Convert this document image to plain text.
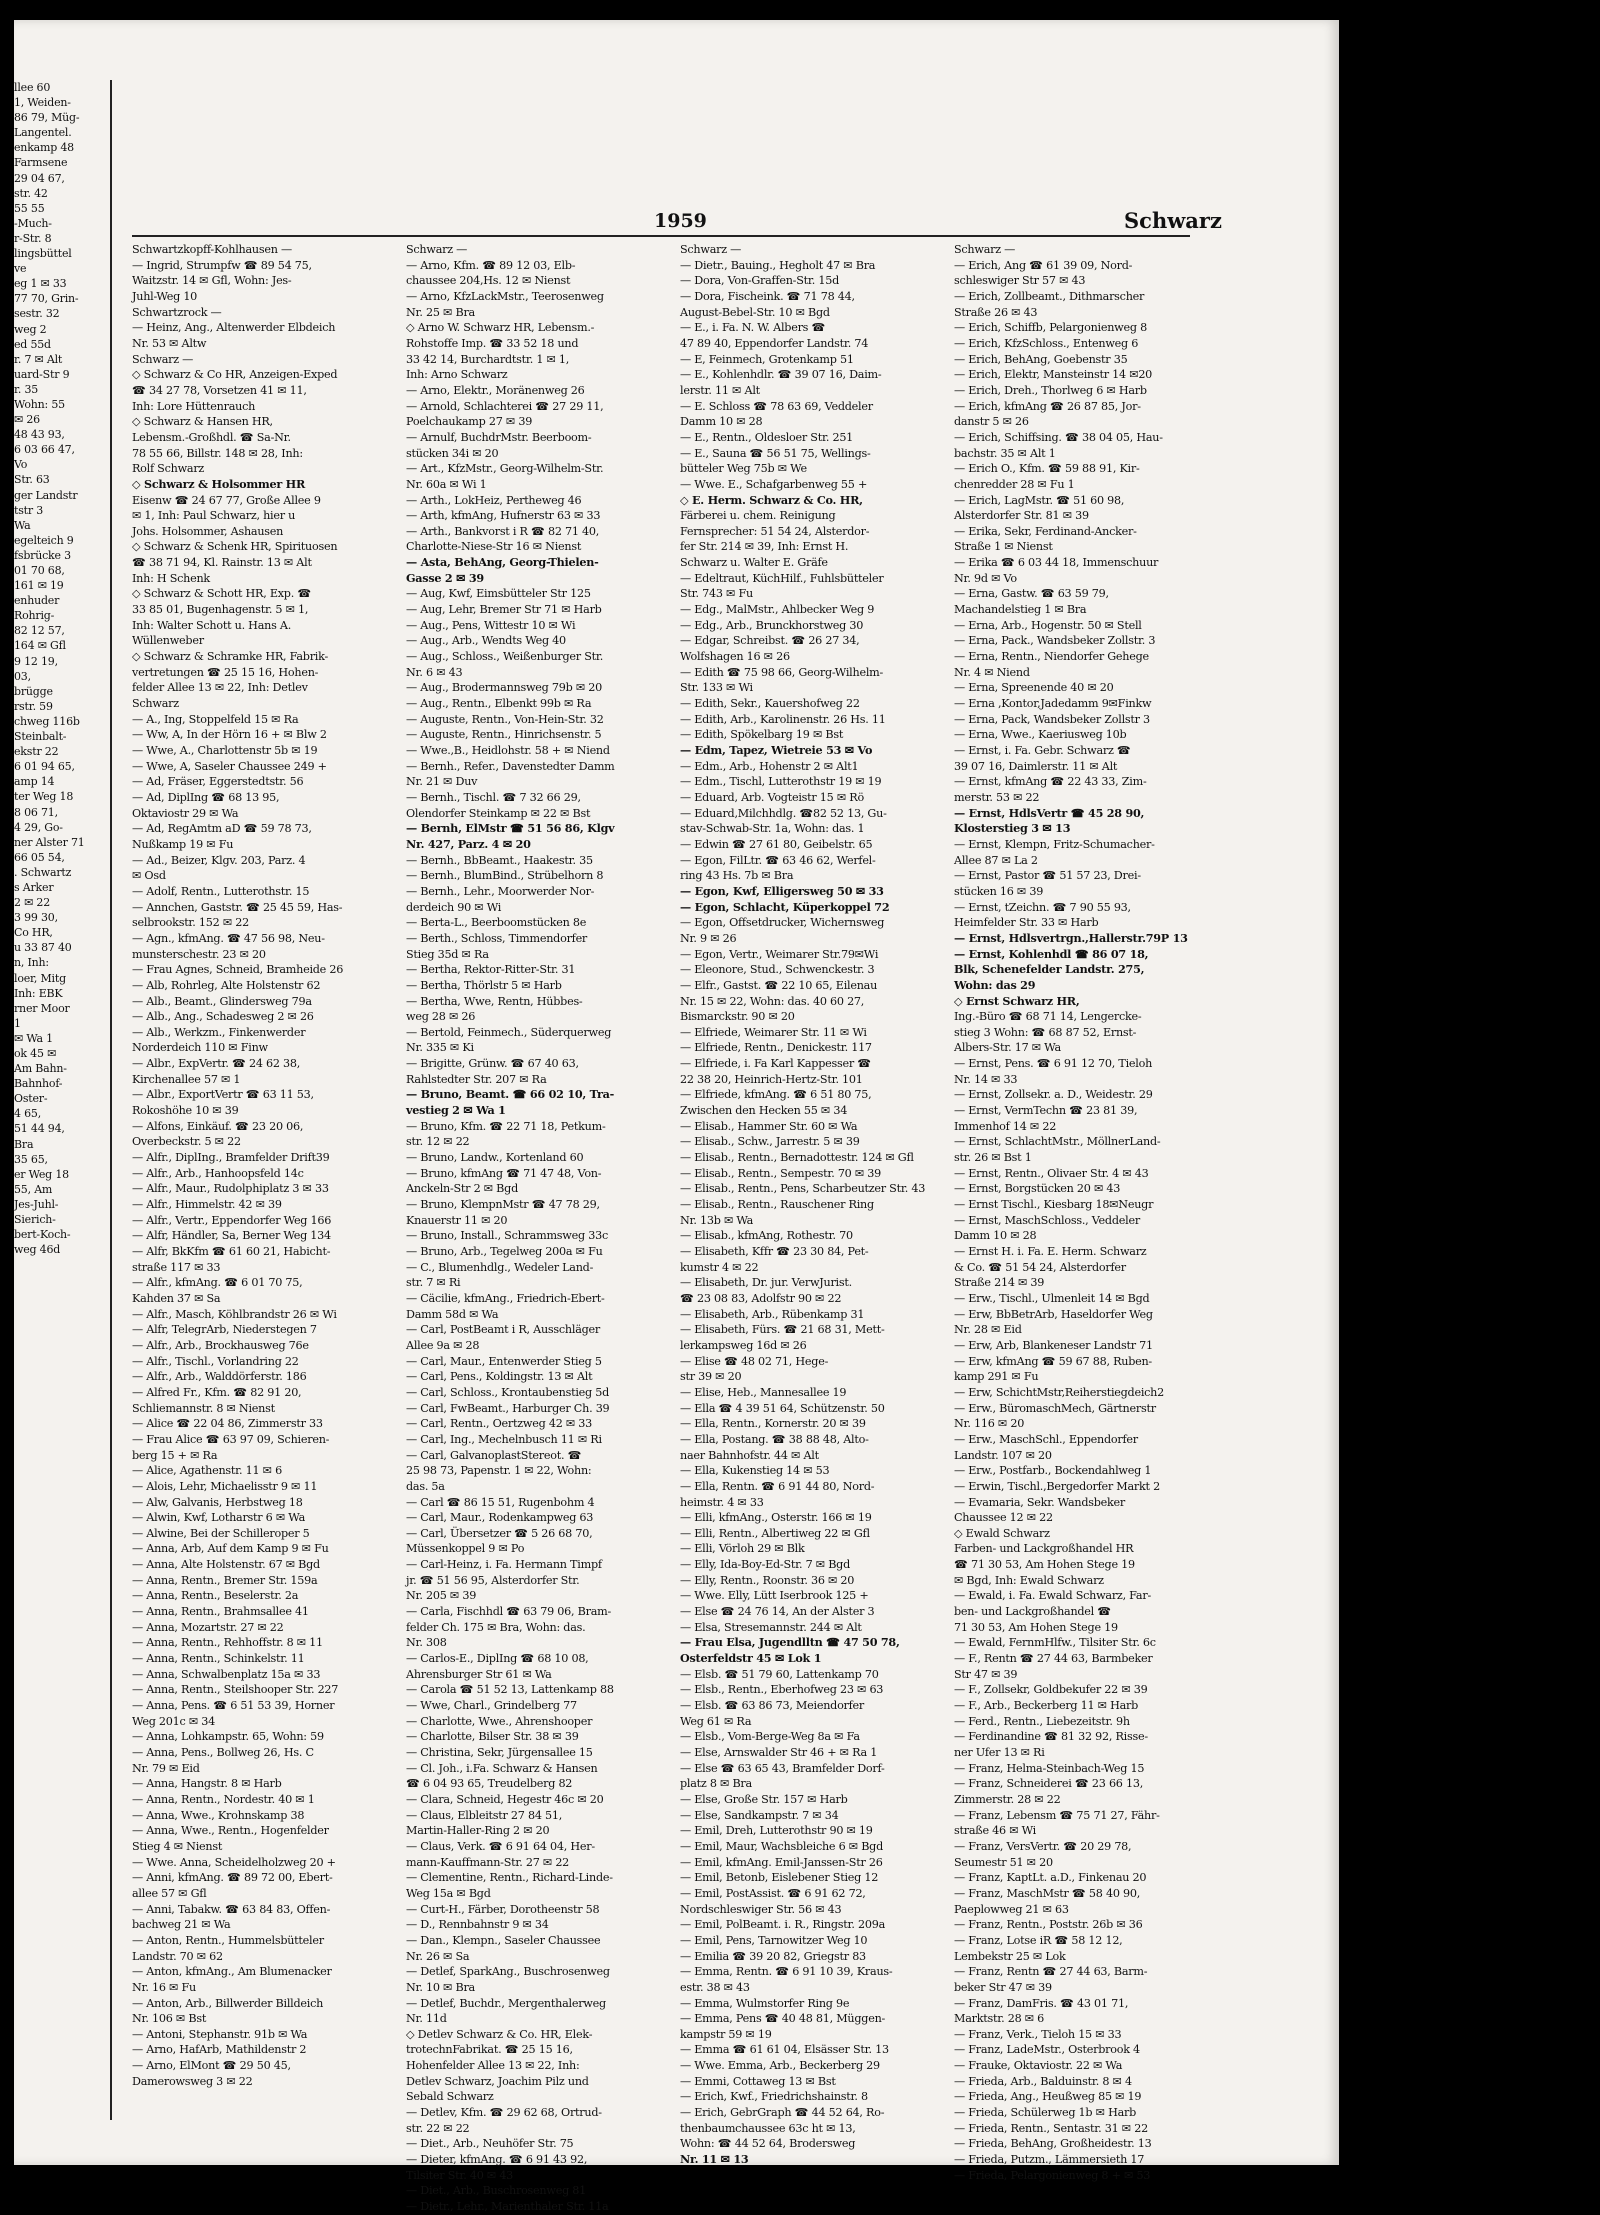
llee 60
1, Weiden-
86 79, Müg-
Langentel.
enkamp 48
Farmsene
29 04 67,
str. 42
55 55
-Much-
r-Str. 8
lingsbüttel
ve
eg 1 ✉ 33
77 70, Grin-
sestr. 32
weg 2
ed 55d
r. 7 ✉ Alt
uard-Str 9
r. 35
Wohn: 55
✉ 26
48 43 93,
6 03 66 47,
Vo
Str. 63
ger Landstr
tstr 3
Wa
egelteich 9
fsbrücke 3
01 70 68,
161 ✉ 19
enhuder
Rohrig-
82 12 57,
164 ✉ Gfl
9 12 19,
03,
brügge
rstr. 59
chweg 116b
Steinbalt-
ekstr 22
6 01 94 65,
amp 14
ter Weg 18
8 06 71,
4 29, Go-
ner Alster 71
66 05 54,
. Schwartz
s Arker
2 ✉ 22
3 99 30,
Co HR,
u 33 87 40
n, Inh:
loer, Mitg
Inh: EBK
rner Moor
1
✉ Wa 1
ok 45 ✉
Am Bahn-
Bahnhof-
Oster-
4 65,
51 44 94,
Bra
35 65,
er Weg 18
55, Am
Jes-Juhl-
Sierich-
bert-Koch-
weg 46d
1959	Schwarz
Schwartzkopff-Kohlhausen —
— Ingrid, Strumpfw ☎ 89 54 75,
Waitzstr. 14 ✉ Gfl, Wohn: Jes-
Juhl-Weg 10
Schwartzrock —
— Heinz, Ang., Altenwerder Elbdeich
Nr. 53 ✉ Altw
Schwarz —
◇ Schwarz & Co HR, Anzeigen-Exped
☎ 34 27 78, Vorsetzen 41 ✉ 11,
Inh: Lore Hüttenrauch
◇ Schwarz & Hansen HR,
Lebensm.-Großhdl. ☎ Sa-Nr.
78 55 66, Billstr. 148 ✉ 28, Inh:
Rolf Schwarz
◇ Schwarz & Holsommer HR
Eisenw ☎ 24 67 77, Große Allee 9
✉ 1, Inh: Paul Schwarz, hier u
Johs. Holsommer, Ashausen
◇ Schwarz & Schenk HR, Spirituosen
☎ 38 71 94, Kl. Rainstr. 13 ✉ Alt
Inh: H Schenk
◇ Schwarz & Schott HR, Exp. ☎
33 85 01, Bugenhagenstr. 5 ✉ 1,
Inh: Walter Schott u. Hans A.
Wüllenweber
◇ Schwarz & Schramke HR, Fabrik-
vertretungen ☎ 25 15 16, Hohen-
felder Allee 13 ✉ 22, Inh: Detlev
Schwarz
— A., Ing, Stoppelfeld 15 ✉ Ra
— Ww, A, In der Hörn 16 + ✉ Blw 2
— Wwe, A., Charlottenstr 5b ✉ 19
— Wwe, A, Saseler Chaussee 249 +
— Ad, Fräser, Eggerstedtstr. 56
— Ad, DiplIng ☎ 68 13 95,
Oktaviostr 29 ✉ Wa
— Ad, RegAmtm aD ☎ 59 78 73,
Nußkamp 19 ✉ Fu
— Ad., Beizer, Klgv. 203, Parz. 4
✉ Osd
— Adolf, Rentn., Lutterothstr. 15
— Annchen, Gaststr. ☎ 25 45 59, Has-
selbrookstr. 152 ✉ 22
— Agn., kfmAng. ☎ 47 56 98, Neu-
munsterschestr. 23 ✉ 20
— Frau Agnes, Schneid, Bramheide 26
— Alb, Rohrleg, Alte Holstenstr 62
— Alb., Beamt., Glindersweg 79a
— Alb., Ang., Schadesweg 2 ✉ 26
— Alb., Werkzm., Finkenwerder
Norderdeich 110 ✉ Finw
— Albr., ExpVertr. ☎ 24 62 38,
Kirchenallee 57 ✉ 1
— Albr., ExportVertr ☎ 63 11 53,
Rokoshöhe 10 ✉ 39
— Alfons, Einkäuf. ☎ 23 20 06,
Overbeckstr. 5 ✉ 22
— Alfr., DiplIng., Bramfelder Drift39
— Alfr., Arb., Hanhoopsfeld 14c
— Alfr., Maur., Rudolphiplatz 3 ✉ 33
— Alfr., Himmelstr. 42 ✉ 39
— Alfr., Vertr., Eppendorfer Weg 166
— Alfr, Händler, Sa, Berner Weg 134
— Alfr, BkKfm ☎ 61 60 21, Habicht-
straße 117 ✉ 33
— Alfr., kfmAng. ☎ 6 01 70 75,
Kahden 37 ✉ Sa
— Alfr., Masch, Köhlbrandstr 26 ✉ Wi
— Alfr, TelegrArb, Niederstegen 7
— Alfr., Arb., Brockhausweg 76e
— Alfr., Tischl., Vorlandring 22
— Alfr., Arb., Walddörferstr. 186
— Alfred Fr., Kfm. ☎ 82 91 20,
Schliemannstr. 8 ✉ Nienst
— Alice ☎ 22 04 86, Zimmerstr 33
— Frau Alice ☎ 63 97 09, Schieren-
berg 15 + ✉ Ra
— Alice, Agathenstr. 11 ✉ 6
— Alois, Lehr, Michaelisstr 9 ✉ 11
— Alw, Galvanis, Herbstweg 18
— Alwin, Kwf, Lotharstr 6 ✉ Wa
— Alwine, Bei der Schilleroper 5
— Anna, Arb, Auf dem Kamp 9 ✉ Fu
— Anna, Alte Holstenstr. 67 ✉ Bgd
— Anna, Rentn., Bremer Str. 159a
— Anna, Rentn., Beselerstr. 2a
— Anna, Rentn., Brahmsallee 41
— Anna, Mozartstr. 27 ✉ 22
— Anna, Rentn., Rehhoffstr. 8 ✉ 11
— Anna, Rentn., Schinkelstr. 11
— Anna, Schwalbenplatz 15a ✉ 33
— Anna, Rentn., Steilshooper Str. 227
— Anna, Pens. ☎ 6 51 53 39, Horner
Weg 201c ✉ 34
— Anna, Lohkampstr. 65, Wohn: 59
— Anna, Pens., Bollweg 26, Hs. C
Nr. 79 ✉ Eid
— Anna, Hangstr. 8 ✉ Harb
— Anna, Rentn., Nordestr. 40 ✉ 1
— Anna, Wwe., Krohnskamp 38
— Anna, Wwe., Rentn., Hogenfelder
Stieg 4 ✉ Nienst
— Wwe. Anna, Scheidelholzweg 20 +
— Anni, kfmAng. ☎ 89 72 00, Ebert-
allee 57 ✉ Gfl
— Anni, Tabakw. ☎ 63 84 83, Offen-
bachweg 21 ✉ Wa
— Anton, Rentn., Hummelsbütteler
Landstr. 70 ✉ 62
— Anton, kfmAng., Am Blumenacker
Nr. 16 ✉ Fu
— Anton, Arb., Billwerder Billdeich
Nr. 106 ✉ Bst
— Antoni, Stephanstr. 91b ✉ Wa
— Arno, HafArb, Mathildenstr 2
— Arno, ElMont ☎ 29 50 45,
Damerowsweg 3 ✉ 22
Schwarz —
— Arno, Kfm. ☎ 89 12 03, Elb-
chaussee 204,Hs. 12 ✉ Nienst
— Arno, KfzLackMstr., Teerosenweg
Nr. 25 ✉ Bra
◇ Arno W. Schwarz HR, Lebensm.-
Rohstoffe Imp. ☎ 33 52 18 und
33 42 14, Burchardtstr. 1 ✉ 1,
Inh: Arno Schwarz
— Arno, Elektr., Moränenweg 26
— Arnold, Schlachterei ☎ 27 29 11,
Poelchaukamp 27 ✉ 39
— Arnulf, BuchdrMstr. Beerboom-
stücken 34i ✉ 20
— Art., KfzMstr., Georg-Wilhelm-Str.
Nr. 60a ✉ Wi 1
— Arth., LokHeiz, Pertheweg 46
— Arth, kfmAng, Hufnerstr 63 ✉ 33
— Arth., Bankvorst i R ☎ 82 71 40,
Charlotte-Niese-Str 16 ✉ Nienst
— Asta, BehAng, Georg-Thielen-
Gasse 2 ✉ 39
— Aug, Kwf, Eimsbütteler Str 125
— Aug, Lehr, Bremer Str 71 ✉ Harb
— Aug., Pens, Wittestr 10 ✉ Wi
— Aug., Arb., Wendts Weg 40
— Aug., Schloss., Weißenburger Str.
Nr. 6 ✉ 43
— Aug., Brodermannsweg 79b ✉ 20
— Aug., Rentn., Elbenkt 99b ✉ Ra
— Auguste, Rentn., Von-Hein-Str. 32
— Auguste, Rentn., Hinrichsenstr. 5
— Wwe.,B., Heidlohstr. 58 + ✉ Niend
— Bernh., Refer., Davenstedter Damm
Nr. 21 ✉ Duv
— Bernh., Tischl. ☎ 7 32 66 29,
Olendorfer Steinkamp ✉ 22 ✉ Bst
— Bernh, ElMstr ☎ 51 56 86, Klgv
Nr. 427, Parz. 4 ✉ 20
— Bernh., BbBeamt., Haakestr. 35
— Bernh., BlumBind., Strübelhorn 8
— Bernh., Lehr., Moorwerder Nor-
derdeich 90 ✉ Wi
— Berta-L., Beerboomstücken 8e
— Berth., Schloss, Timmendorfer
Stieg 35d ✉ Ra
— Bertha, Rektor-Ritter-Str. 31
— Bertha, Thörlstr 5 ✉ Harb
— Bertha, Wwe, Rentn, Hübbes-
weg 28 ✉ 26
— Bertold, Feinmech., Süderquerweg
Nr. 335 ✉ Ki
— Brigitte, Grünw. ☎ 67 40 63,
Rahlstedter Str. 207 ✉ Ra
— Bruno, Beamt. ☎ 66 02 10, Tra-
vestieg 2 ✉ Wa 1
— Bruno, Kfm. ☎ 22 71 18, Petkum-
str. 12 ✉ 22
— Bruno, Landw., Kortenland 60
— Bruno, kfmAng ☎ 71 47 48, Von-
Anckeln-Str 2 ✉ Bgd
— Bruno, KlempnMstr ☎ 47 78 29,
Knauerstr 11 ✉ 20
— Bruno, Install., Schrammsweg 33c
— Bruno, Arb., Tegelweg 200a ✉ Fu
— C., Blumenhdlg., Wedeler Land-
str. 7 ✉ Ri
— Cäcilie, kfmAng., Friedrich-Ebert-
Damm 58d ✉ Wa
— Carl, PostBeamt i R, Ausschläger
Allee 9a ✉ 28
— Carl, Maur., Entenwerder Stieg 5
— Carl, Pens., Koldingstr. 13 ✉ Alt
— Carl, Schloss., Krontaubenstieg 5d
— Carl, FwBeamt., Harburger Ch. 39
— Carl, Rentn., Oertzweg 42 ✉ 33
— Carl, Ing., Mechelnbusch 11 ✉ Ri
— Carl, GalvanoplastStereot. ☎
25 98 73, Papenstr. 1 ✉ 22, Wohn:
das. 5a
— Carl ☎ 86 15 51, Rugenbohm 4
— Carl, Maur., Rodenkampweg 63
— Carl, Übersetzer ☎ 5 26 68 70,
Müssenkoppel 9 ✉ Po
— Carl-Heinz, i. Fa. Hermann Timpf
jr. ☎ 51 56 95, Alsterdorfer Str.
Nr. 205 ✉ 39
— Carla, Fischhdl ☎ 63 79 06, Bram-
felder Ch. 175 ✉ Bra, Wohn: das.
Nr. 308
— Carlos-E., DiplIng ☎ 68 10 08,
Ahrensburger Str 61 ✉ Wa
— Carola ☎ 51 52 13, Lattenkamp 88
— Wwe, Charl., Grindelberg 77
— Charlotte, Wwe., Ahrenshooper
— Charlotte, Bilser Str. 38 ✉ 39
— Christina, Sekr, Jürgensallee 15
— Cl. Joh., i.Fa. Schwarz & Hansen
☎ 6 04 93 65, Treudelberg 82
— Clara, Schneid, Hegestr 46c ✉ 20
— Claus, Elbleitstr 27 84 51,
Martin-Haller-Ring 2 ✉ 20
— Claus, Verk. ☎ 6 91 64 04, Her-
mann-Kauffmann-Str. 27 ✉ 22
— Clementine, Rentn., Richard-Linde-
Weg 15a ✉ Bgd
— Curt-H., Färber, Dorotheenstr 58
— D., Rennbahnstr 9 ✉ 34
— Dan., Klempn., Saseler Chaussee
Nr. 26 ✉ Sa
— Detlef, SparkAng., Buschrosenweg
Nr. 10 ✉ Bra
— Detlef, Buchdr., Mergenthalerweg
Nr. 11d
◇ Detlev Schwarz & Co. HR, Elek-
trotechnFabrikat. ☎ 25 15 16,
Hohenfelder Allee 13 ✉ 22, Inh:
Detlev Schwarz, Joachim Pilz und
Sebald Schwarz
— Detlev, Kfm. ☎ 29 62 68, Ortrud-
str. 22 ✉ 22
— Diet., Arb., Neuhöfer Str. 75
— Dieter, kfmAng. ☎ 6 91 43 92,
Tilsiter Str. 40 ✉ 43
— Diet., Arb., Buschrosenweg 81
— Dietr., Lehr., Marienthaler Str. 11a
Schwarz —
— Dietr., Bauing., Hegholt 47 ✉ Bra
— Dora, Von-Graffen-Str. 15d
— Dora, Fischeink. ☎ 71 78 44,
August-Bebel-Str. 10 ✉ Bgd
— E., i. Fa. N. W. Albers ☎
47 89 40, Eppendorfer Landstr. 74
— E, Feinmech, Grotenkamp 51
— E., Kohlenhdlr. ☎ 39 07 16, Daim-
lerstr. 11 ✉ Alt
— E. Schloss ☎ 78 63 69, Veddeler
Damm 10 ✉ 28
— E., Rentn., Oldesloer Str. 251
— E., Sauna ☎ 56 51 75, Wellings-
bütteler Weg 75b ✉ We
— Wwe. E., Schafgarbenweg 55 +
◇ E. Herm. Schwarz & Co. HR,
Färberei u. chem. Reinigung
Fernsprecher: 51 54 24, Alsterdor-
fer Str. 214 ✉ 39, Inh: Ernst H.
Schwarz u. Walter E. Gräfe
— Edeltraut, KüchHilf., Fuhlsbütteler
Str. 743 ✉ Fu
— Edg., MalMstr., Ahlbecker Weg 9
— Edg., Arb., Brunckhorstweg 30
— Edgar, Schreibst. ☎ 26 27 34,
Wolfshagen 16 ✉ 26
— Edith ☎ 75 98 66, Georg-Wilhelm-
Str. 133 ✉ Wi
— Edith, Sekr., Kauershofweg 22
— Edith, Arb., Karolinenstr. 26 Hs. 11
— Edith, Spökelbarg 19 ✉ Bst
— Edm, Tapez, Wietreie 53 ✉ Vo
— Edm., Arb., Hohenstr 2 ✉ Alt1
— Edm., Tischl, Lutterothstr 19 ✉ 19
— Eduard, Arb. Vogteistr 15 ✉ Rö
— Eduard,Milchhdlg. ☎82 52 13, Gu-
stav-Schwab-Str. 1a, Wohn: das. 1
— Edwin ☎ 27 61 80, Geibelstr. 65
— Egon, FilLtr. ☎ 63 46 62, Werfel-
ring 43 Hs. 7b ✉ Bra
— Egon, Kwf, Elligersweg 50 ✉ 33
— Egon, Schlacht, Küperkoppel 72
— Egon, Offsetdrucker, Wichernsweg
Nr. 9 ✉ 26
— Egon, Vertr., Weimarer Str.79✉Wi
— Eleonore, Stud., Schwenckestr. 3
— Elfr., Gastst. ☎ 22 10 65, Eilenau
Nr. 15 ✉ 22, Wohn: das. 40 60 27,
Bismarckstr. 90 ✉ 20
— Elfriede, Weimarer Str. 11 ✉ Wi
— Elfriede, Rentn., Denickestr. 117
— Elfriede, i. Fa Karl Kappesser ☎
22 38 20, Heinrich-Hertz-Str. 101
— Elfriede, kfmAng. ☎ 6 51 80 75,
Zwischen den Hecken 55 ✉ 34
— Elisab., Hammer Str. 60 ✉ Wa
— Elisab., Schw., Jarrestr. 5 ✉ 39
— Elisab., Rentn., Bernadottestr. 124 ✉ Gfl
— Elisab., Rentn., Sempestr. 70 ✉ 39
— Elisab., Rentn., Pens, Scharbeutzer Str. 43
— Elisab., Rentn., Rauschener Ring
Nr. 13b ✉ Wa
— Elisab., kfmAng, Rothestr. 70
— Elisabeth, Kffr ☎ 23 30 84, Pet-
kumstr 4 ✉ 22
— Elisabeth, Dr. jur. VerwJurist.
☎ 23 08 83, Adolfstr 90 ✉ 22
— Elisabeth, Arb., Rübenkamp 31
— Elisabeth, Fürs. ☎ 21 68 31, Mett-
lerkampsweg 16d ✉ 26
— Elise ☎ 48 02 71, Hege-
str 39 ✉ 20
— Elise, Heb., Mannesallee 19
— Ella ☎ 4 39 51 64, Schützenstr. 50
— Ella, Rentn., Kornerstr. 20 ✉ 39
— Ella, Postang. ☎ 38 88 48, Alto-
naer Bahnhofstr. 44 ✉ Alt
— Ella, Kukenstieg 14 ✉ 53
— Ella, Rentn. ☎ 6 91 44 80, Nord-
heimstr. 4 ✉ 33
— Elli, kfmAng., Osterstr. 166 ✉ 19
— Elli, Rentn., Albertiweg 22 ✉ Gfl
— Elli, Vörloh 29 ✉ Blk
— Elly, Ida-Boy-Ed-Str. 7 ✉ Bgd
— Elly, Rentn., Roonstr. 36 ✉ 20
— Wwe. Elly, Lütt Iserbrook 125 +
— Else ☎ 24 76 14, An der Alster 3
— Elsa, Stresemannstr. 244 ✉ Alt
— Frau Elsa, Jugendlltn ☎ 47 50 78,
Osterfeldstr 45 ✉ Lok 1
— Elsb. ☎ 51 79 60, Lattenkamp 70
— Elsb., Rentn., Eberhofweg 23 ✉ 63
— Elsb. ☎ 63 86 73, Meiendorfer
Weg 61 ✉ Ra
— Elsb., Vom-Berge-Weg 8a ✉ Fa
— Else, Arnswalder Str 46 + ✉ Ra 1
— Else ☎ 63 65 43, Bramfelder Dorf-
platz 8 ✉ Bra
— Else, Große Str. 157 ✉ Harb
— Else, Sandkampstr. 7 ✉ 34
— Emil, Dreh, Lutterothstr 90 ✉ 19
— Emil, Maur, Wachsbleiche 6 ✉ Bgd
— Emil, kfmAng. Emil-Janssen-Str 26
— Emil, Betonb, Eislebener Stieg 12
— Emil, PostAssist. ☎ 6 91 62 72,
Nordschleswiger Str. 56 ✉ 43
— Emil, PolBeamt. i. R., Ringstr. 209a
— Emil, Pens, Tarnowitzer Weg 10
— Emilia ☎ 39 20 82, Griegstr 83
— Emma, Rentn. ☎ 6 91 10 39, Kraus-
estr. 38 ✉ 43
— Emma, Wulmstorfer Ring 9e
— Emma, Pens ☎ 40 48 81, Müggen-
kampstr 59 ✉ 19
— Emma ☎ 61 61 04, Elsässer Str. 13
— Wwe. Emma, Arb., Beckerberg 29
— Emmi, Cottaweg 13 ✉ Bst
— Erich, Kwf., Friedrichshainstr. 8
— Erich, GebrGraph ☎ 44 52 64, Ro-
thenbaumchaussee 63c ht ✉ 13,
Wohn: ☎ 44 52 64, Brodersweg
Nr. 11 ✉ 13
Schwarz —
— Erich, Ang ☎ 61 39 09, Nord-
schleswiger Str 57 ✉ 43
— Erich, Zollbeamt., Dithmarscher
Straße 26 ✉ 43
— Erich, Schiffb, Pelargonienweg 8
— Erich, KfzSchloss., Entenweg 6
— Erich, BehAng, Goebenstr 35
— Erich, Elektr, Mansteinstr 14 ✉20
— Erich, Dreh., Thorlweg 6 ✉ Harb
— Erich, kfmAng ☎ 26 87 85, Jor-
danstr 5 ✉ 26
— Erich, Schiffsing. ☎ 38 04 05, Hau-
bachstr. 35 ✉ Alt 1
— Erich O., Kfm. ☎ 59 88 91, Kir-
chenredder 28 ✉ Fu 1
— Erich, LagMstr. ☎ 51 60 98,
Alsterdorfer Str. 81 ✉ 39
— Erika, Sekr, Ferdinand-Ancker-
Straße 1 ✉ Nienst
— Erika ☎ 6 03 44 18, Immenschuur
Nr. 9d ✉ Vo
— Erna, Gastw. ☎ 63 59 79,
Machandelstieg 1 ✉ Bra
— Erna, Arb., Hogenstr. 50 ✉ Stell
— Erna, Pack., Wandsbeker Zollstr. 3
— Erna, Rentn., Niendorfer Gehege
Nr. 4 ✉ Niend
— Erna, Spreenende 40 ✉ 20
— Erna ,Kontor,Jadedamm 9✉Finkw
— Erna, Pack, Wandsbeker Zollstr 3
— Erna, Wwe., Kaeriusweg 10b
— Ernst, i. Fa. Gebr. Schwarz ☎
39 07 16, Daimlerstr. 11 ✉ Alt
— Ernst, kfmAng ☎ 22 43 33, Zim-
merstr. 53 ✉ 22
— Ernst, HdlsVertr ☎ 45 28 90,
Klosterstieg 3 ✉ 13
— Ernst, Klempn, Fritz-Schumacher-
Allee 87 ✉ La 2
— Ernst, Pastor ☎ 51 57 23, Drei-
stücken 16 ✉ 39
— Ernst, tZeichn. ☎ 7 90 55 93,
Heimfelder Str. 33 ✉ Harb
— Ernst, Hdlsvertrgn.,Hallerstr.79P 13
— Ernst, Kohlenhdl ☎ 86 07 18,
Blk, Schenefelder Landstr. 275,
Wohn: das 29
◇ Ernst Schwarz HR,
Ing.-Büro ☎ 68 71 14, Lengercke-
stieg 3 Wohn: ☎ 68 87 52, Ernst-
Albers-Str. 17 ✉ Wa
— Ernst, Pens. ☎ 6 91 12 70, Tieloh
Nr. 14 ✉ 33
— Ernst, Zollsekr. a. D., Weidestr. 29
— Ernst, VermTechn ☎ 23 81 39,
Immenhof 14 ✉ 22
— Ernst, SchlachtMstr., MöllnerLand-
str. 26 ✉ Bst 1
— Ernst, Rentn., Olivaer Str. 4 ✉ 43
— Ernst, Borgstücken 20 ✉ 43
— Ernst Tischl., Kiesbarg 18✉Neugr
— Ernst, MaschSchloss., Veddeler
Damm 10 ✉ 28
— Ernst H. i. Fa. E. Herm. Schwarz
& Co. ☎ 51 54 24, Alsterdorfer
Straße 214 ✉ 39
— Erw., Tischl., Ulmenleit 14 ✉ Bgd
— Erw, BbBetrArb, Haseldorfer Weg
Nr. 28 ✉ Eid
— Erw, Arb, Blankeneser Landstr 71
— Erw, kfmAng ☎ 59 67 88, Ruben-
kamp 291 ✉ Fu
— Erw, SchichtMstr,Reiherstiegdeich2
— Erw., BüromaschMech, Gärtnerstr
Nr. 116 ✉ 20
— Erw., MaschSchl., Eppendorfer
Landstr. 107 ✉ 20
— Erw., Postfarb., Bockendahlweg 1
— Erwin, Tischl.,Bergedorfer Markt 2
— Evamaria, Sekr. Wandsbeker
Chaussee 12 ✉ 22
◇ Ewald Schwarz
Farben- und Lackgroßhandel HR
☎ 71 30 53, Am Hohen Stege 19
✉ Bgd, Inh: Ewald Schwarz
— Ewald, i. Fa. Ewald Schwarz, Far-
ben- und Lackgroßhandel ☎
71 30 53, Am Hohen Stege 19
— Ewald, FernmHlfw., Tilsiter Str. 6c
— F., Rentn ☎ 27 44 63, Barmbeker
Str 47 ✉ 39
— F., Zollsekr, Goldbekufer 22 ✉ 39
— F., Arb., Beckerberg 11 ✉ Harb
— Ferd., Rentn., Liebezeitstr. 9h
— Ferdinandine ☎ 81 32 92, Risse-
ner Ufer 13 ✉ Ri
— Franz, Helma-Steinbach-Weg 15
— Franz, Schneiderei ☎ 23 66 13,
Zimmerstr. 28 ✉ 22
— Franz, Lebensm ☎ 75 71 27, Fähr-
straße 46 ✉ Wi
— Franz, VersVertr. ☎ 20 29 78,
Seumestr 51 ✉ 20
— Franz, KaptLt. a.D., Finkenau 20
— Franz, MaschMstr ☎ 58 40 90,
Paeplowweg 21 ✉ 63
— Franz, Rentn., Poststr. 26b ✉ 36
— Franz, Lotse iR ☎ 58 12 12,
Lembekstr 25 ✉ Lok
— Franz, Rentn ☎ 27 44 63, Barm-
beker Str 47 ✉ 39
— Franz, DamFris. ☎ 43 01 71,
Marktstr. 28 ✉ 6
— Franz, Verk., Tieloh 15 ✉ 33
— Franz, LadeMstr., Osterbrook 4
— Frauke, Oktaviostr. 22 ✉ Wa
— Frieda, Arb., Balduinstr. 8 ✉ 4
— Frieda, Ang., Heußweg 85 ✉ 19
— Frieda, Schülerweg 1b ✉ Harb
— Frieda, Rentn., Sentastr. 31 ✉ 22
— Frieda, BehAng, Großheidestr. 13
— Frieda, Putzm., Lämmersieth 17
— Frieda, Pelargonienweg 8 + ✉ 53
